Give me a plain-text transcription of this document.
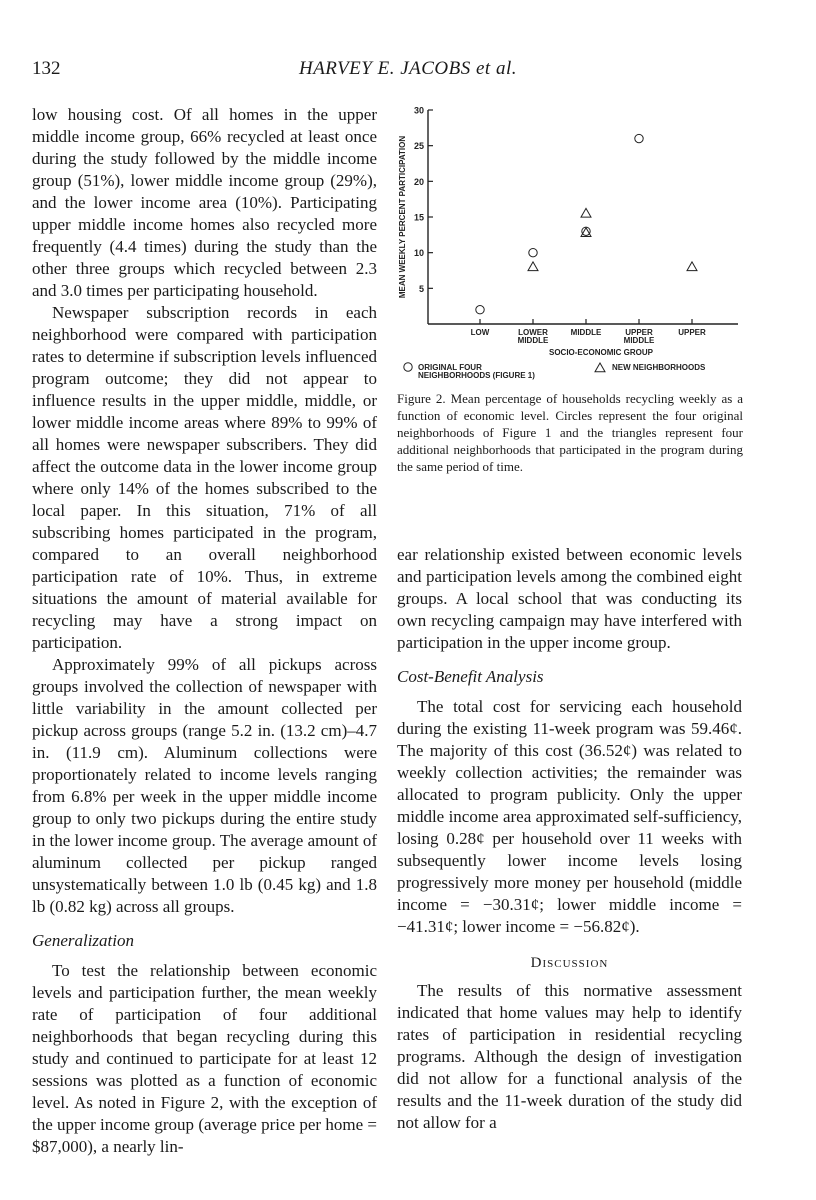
132	HARVEY E. JACOBS et al.

low housing cost. Of all homes in the upper middle income group, 66% recycled at least once during the study followed by the middle income group (51%), lower middle income group (29%), and the lower income area (10%). Participating upper middle income homes also recycled more frequently (4.4 times) during the study than the other three groups which recycled between 2.3 and 3.0 times per participating household.

Newspaper subscription records in each neighborhood were compared with participation rates to determine if subscription levels influenced program outcome; they did not appear to influence results in the upper middle, middle, or lower middle income areas where 89% to 99% of all homes were newspaper subscribers. They did affect the outcome data in the lower income group where only 14% of the homes subscribed to the local paper. In this situation, 71% of all subscribing homes participated in the program, compared to an overall neighborhood participation rate of 10%. Thus, in extreme situations the amount of material available for recycling may have a strong impact on participation.

Approximately 99% of all pickups across groups involved the collection of newspaper with little variability in the amount collected per pickup across groups (range 5.2 in. (13.2 cm)–4.7 in. (11.9 cm). Aluminum collections were proportionately related to income levels ranging from 6.8% per week in the upper middle income group to only two pickups during the entire study in the lower income group. The average amount of aluminum collected per pickup ranged unsystematically between 1.0 lb (0.45 kg) and 1.8 lb (0.82 kg) across all groups.

Generalization

To test the relationship between economic levels and participation further, the mean weekly rate of participation of four additional neighborhoods that began recycling during this study and continued to participate for at least 12 sessions was plotted as a function of economic level. As noted in Figure 2, with the exception of the upper income group (average price per home = $87,000), a nearly lin-

5
10
15
20
25
30
MEAN WEEKLY PERCENT PARTICIPATION
LOW	LOWER
MIDDLE
MIDDLE	UPPER
MIDDLE
UPPER
SOCIO-ECONOMIC GROUP
ORIGINAL FOUR
NEIGHBORHOODS (FIGURE 1)
NEW NEIGHBORHOODS
Figure 2. Mean percentage of households recycling weekly as a function of economic level. Circles represent the four original neighborhoods of Figure 1 and the triangles represent four additional neighborhoods that participated in the program during the same period of time.

ear relationship existed between economic levels and participation levels among the combined eight groups. A local school that was conducting its own recycling campaign may have interfered with participation in the upper income group.

Cost-Benefit Analysis

The total cost for servicing each household during the existing 11-week program was 59.46¢. The majority of this cost (36.52¢) was related to weekly collection activities; the remainder was allocated to program publicity. Only the upper middle income area approximated self-sufficiency, losing 0.28¢ per household over 11 weeks with subsequently lower income levels losing progressively more money per household (middle income = −30.31¢; lower middle income = −41.31¢; lower income = −56.82¢).

Discussion

The results of this normative assessment indicated that home values may help to identify rates of participation in residential recycling programs. Although the design of investigation did not allow for a functional analysis of the results and the 11-week duration of the study did not allow for a
